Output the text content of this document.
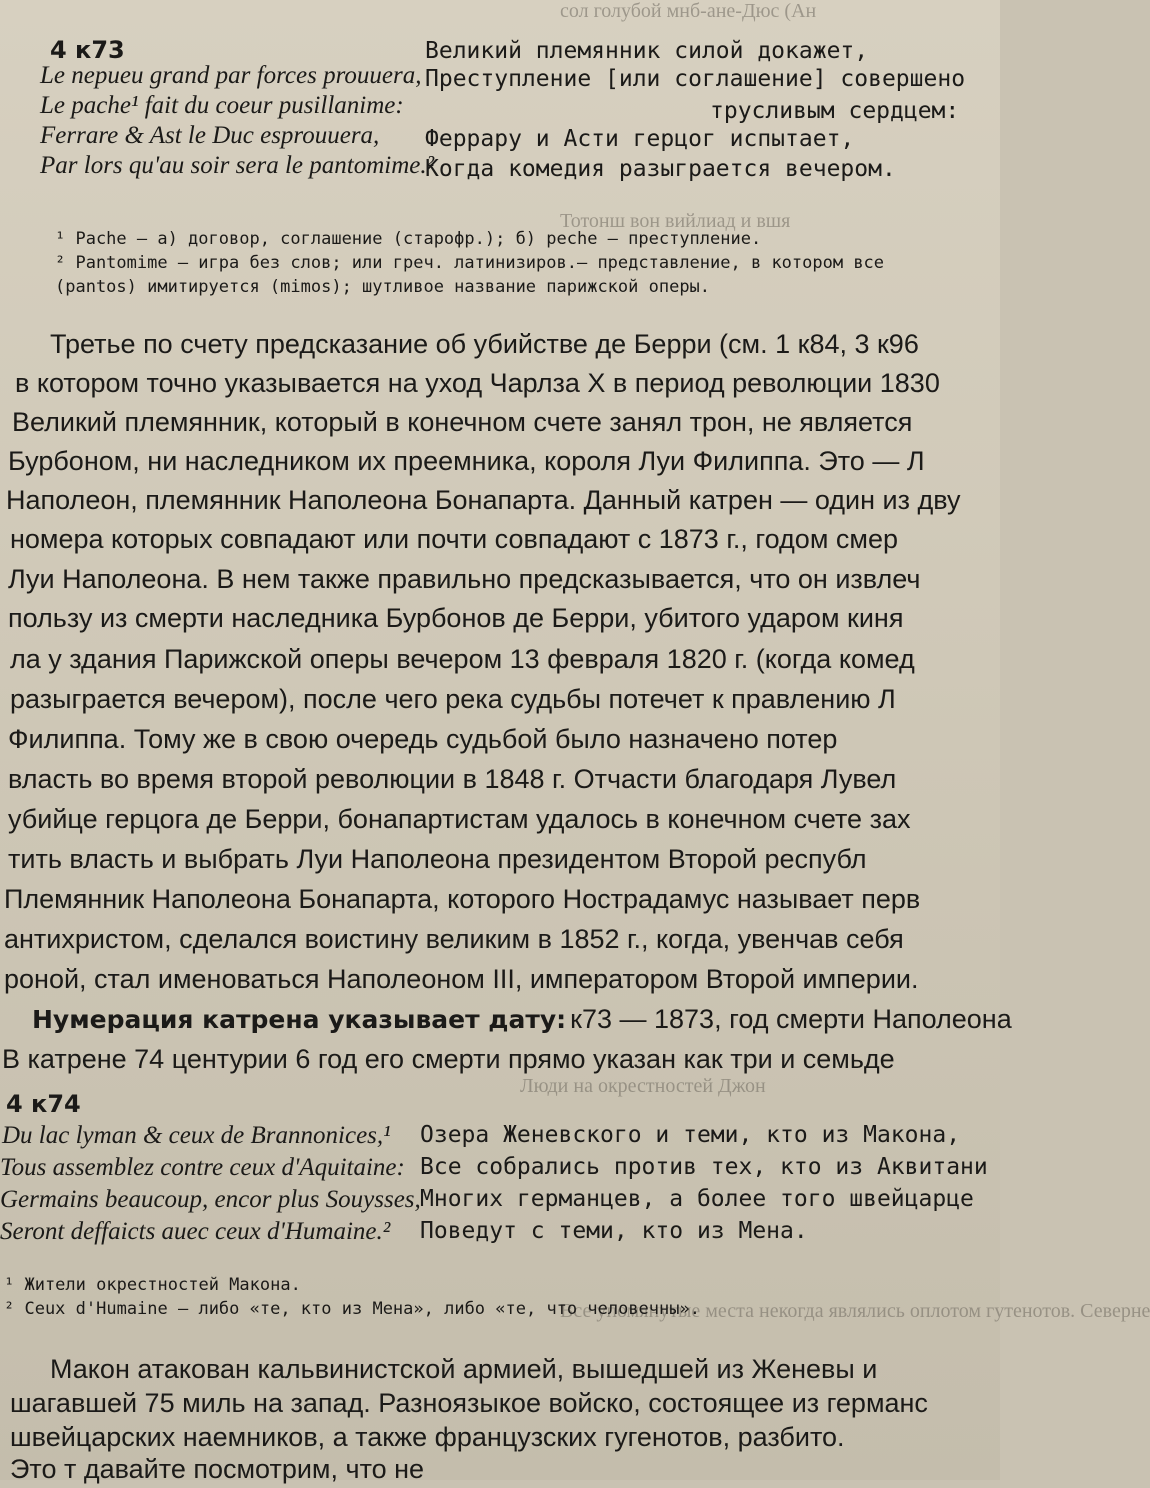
сол голубой мнб-ане-Дюс (Ан
Тотонш вон вийлиад и вшя
Люди на окрестностей Джон
Все упомянутые места некогда являлись оплотом гутенотов. Северне
4 к73
Le nepueu grand par forces prouuera,
Le pache¹ fait du coeur pusillanime:
Ferrare & Ast le Duc esprouuera,
Par lors qu'au soir sera le pantomime.²
Великий племянник силой докажет,
Преступление [или соглашение] совершено
трусливым сердцем:
Феррару и Асти герцог испытает,
Когда комедия разыграется вечером.
¹ Pache — а) договор, соглашение (старофр.); б) peche — преступление.
² Pantomime — игра без слов; или греч. латинизиров.— представление, в котором все
(pantos) имитируется (mimos); шутливое название парижской оперы.
Третье по счету предсказание об убийстве де Берри (см. 1 к84, 3 к96
в котором точно указывается на уход Чарлза X в период революции 1830
Великий племянник, который в конечном счете занял трон, не является
Бурбоном, ни наследником их преемника, короля Луи Филиппа. Это — Л
Наполеон, племянник Наполеона Бонапарта. Данный катрен — один из дву
номера которых совпадают или почти совпадают с 1873 г., годом смер
Луи Наполеона. В нем также правильно предсказывается, что он извлеч
пользу из смерти наследника Бурбонов де Берри, убитого ударом киня
ла у здания Парижской оперы вечером 13 февраля 1820 г. (когда комед
разыграется вечером), после чего река судьбы потечет к правлению Л
Филиппа. Тому же в свою очередь судьбой было назначено потер
власть во время второй революции в 1848 г. Отчасти благодаря Лувел
убийце герцога де Берри, бонапартистам удалось в конечном счете зах
тить власть и выбрать Луи Наполеона президентом Второй республ
Племянник Наполеона Бонапарта, которого Нострадамус называет перв
антихристом, сделался воистину великим в 1852 г., когда, увенчав себя
роной, стал именоваться Наполеоном III, императором Второй империи.
Нумерация катрена указывает дату: к73 — 1873, год смерти Наполеона
В катрене 74 центурии 6 год его смерти прямо указан как три и семьде
4 к74
Du lac lyman & ceux de Brannonices,¹
Tous assemblez contre ceux d'Aquitaine:
Germains beaucoup, encor plus Souysses,
Seront deffaicts auec ceux d'Humaine.²
Озера Женевского и теми, кто из Макона,
Все собрались против тех, кто из Аквитани
Многих германцев, а более того швейцарце
Поведут с теми, кто из Мена.
¹ Жители окрестностей Макона.
² Ceux d'Humaine — либо «те, кто из Мена», либо «те, что человечны».
Макон атакован кальвинистской армией, вышедшей из Женевы и
шагавшей 75 миль на запад. Разноязыкое войско, состоящее из германс
швейцарских наемников, а также французских гугенотов, разбито.
Это т давайте посмотрим, что не
